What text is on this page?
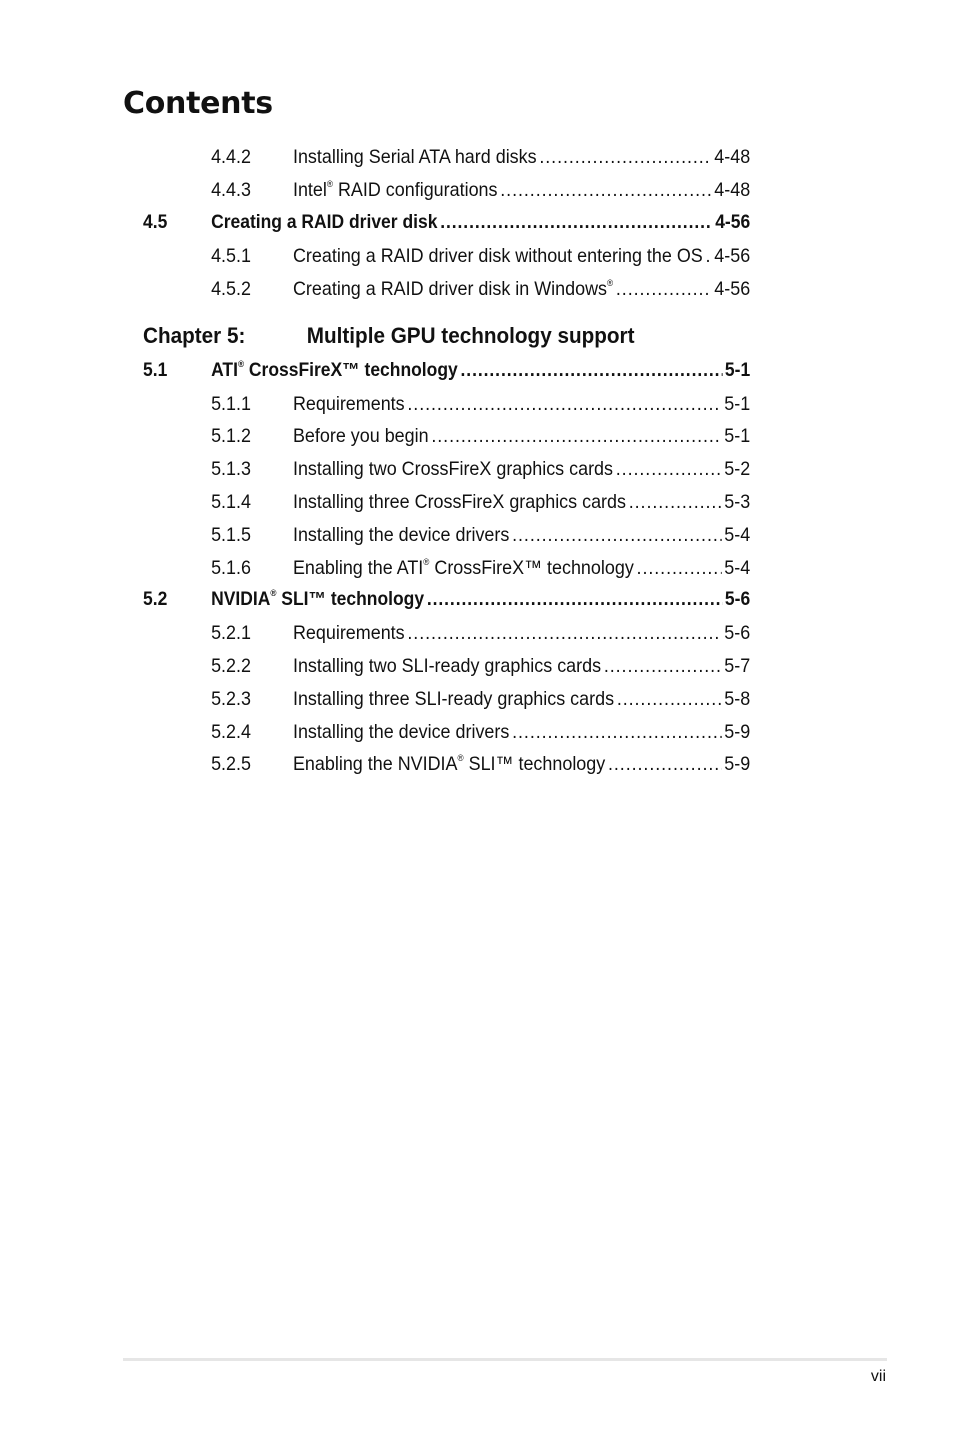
Contents
4.4.2 Installing Serial ATA hard disks .....	4-48
4.4.3 Intel® RAID configurations .....	4-48
4.5 Creating a RAID driver disk .....	4-56
4.5.1 Creating a RAID driver disk without entering the OS ..... 4-56
4.5.2 Creating a RAID driver disk in Windows® .....	4-56
5.1 ATI® CrossFireX™ technology .....	5-1
5.1.1 Requirements .....	5-1
5.1.2 Before you begin .....	5-1
5.1.3 Installing two CrossFireX graphics cards .....	5-2
5.1.4 Installing three CrossFireX graphics cards .....	5-3
5.1.5 Installing the device drivers .....	5-4
5.1.6 Enabling the ATI® CrossFireX™ technology .....	5-4
5.2 NVIDIA® SLI™ technology .....	5-6
5.2.1 Requirements .....	5-6
5.2.2 Installing two SLI-ready graphics cards .....	5-7
5.2.3 Installing three SLI-ready graphics cards .....	5-8
5.2.4 Installing the device drivers .....	5-9
5.2.5 Enabling the NVIDIA® SLI™ technology .....	5-9
Chapter 5:	Multiple GPU technology support
vii
